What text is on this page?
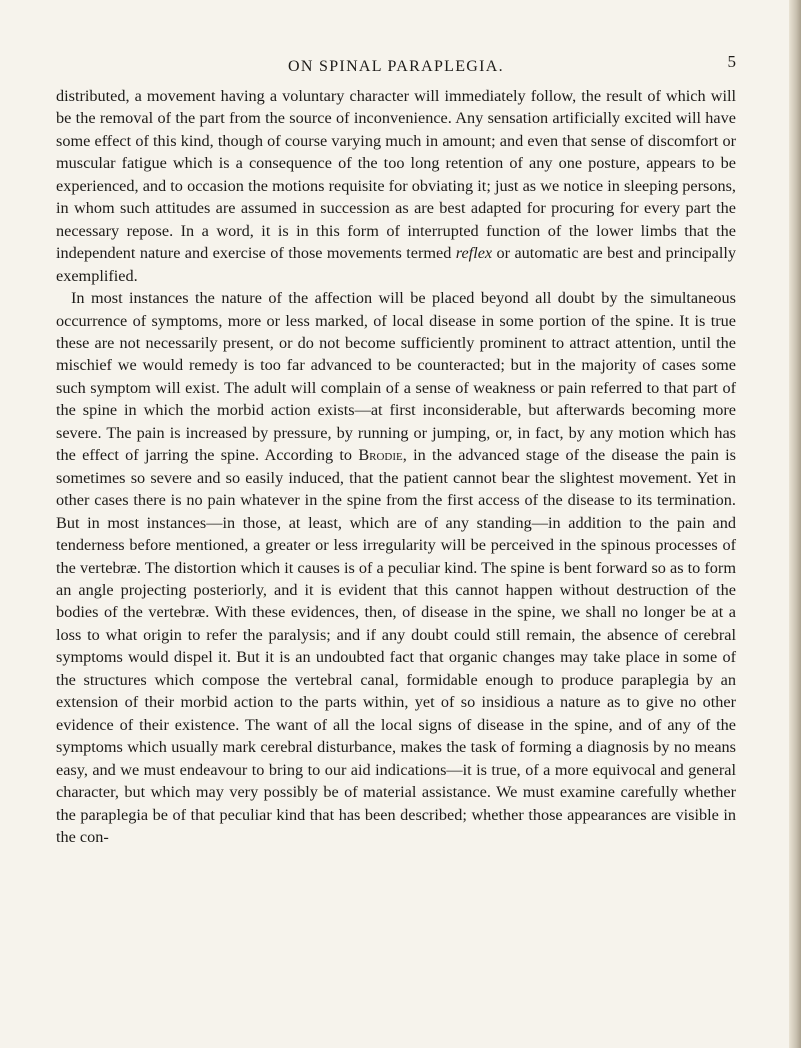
ON SPINAL PARAPLEGIA.	5

distributed, a movement having a voluntary character will immediately follow, the result of which will be the removal of the part from the source of inconvenience. Any sensation artificially excited will have some effect of this kind, though of course varying much in amount; and even that sense of discomfort or muscular fatigue which is a consequence of the too long retention of any one posture, appears to be experienced, and to occasion the motions requisite for obviating it; just as we notice in sleeping persons, in whom such attitudes are assumed in succession as are best adapted for procuring for every part the necessary repose. In a word, it is in this form of interrupted function of the lower limbs that the independent nature and exercise of those movements termed reflex or automatic are best and principally exemplified.

In most instances the nature of the affection will be placed beyond all doubt by the simultaneous occurrence of symptoms, more or less marked, of local disease in some portion of the spine. It is true these are not necessarily present, or do not become sufficiently prominent to attract attention, until the mischief we would remedy is too far advanced to be counteracted; but in the majority of cases some such symptom will exist. The adult will complain of a sense of weakness or pain referred to that part of the spine in which the morbid action exists—at first inconsiderable, but afterwards becoming more severe. The pain is increased by pressure, by running or jumping, or, in fact, by any motion which has the effect of jarring the spine. According to Brodie, in the advanced stage of the disease the pain is sometimes so severe and so easily induced, that the patient cannot bear the slightest movement. Yet in other cases there is no pain whatever in the spine from the first access of the disease to its termination. But in most instances—in those, at least, which are of any standing—in addition to the pain and tenderness before mentioned, a greater or less irregularity will be perceived in the spinous processes of the vertebræ. The distortion which it causes is of a peculiar kind. The spine is bent forward so as to form an angle projecting posteriorly, and it is evident that this cannot happen without destruction of the bodies of the vertebræ. With these evidences, then, of disease in the spine, we shall no longer be at a loss to what origin to refer the paralysis; and if any doubt could still remain, the absence of cerebral symptoms would dispel it. But it is an undoubted fact that organic changes may take place in some of the structures which compose the vertebral canal, formidable enough to produce paraplegia by an extension of their morbid action to the parts within, yet of so insidious a nature as to give no other evidence of their existence. The want of all the local signs of disease in the spine, and of any of the symptoms which usually mark cerebral disturbance, makes the task of forming a diagnosis by no means easy, and we must endeavour to bring to our aid indications—it is true, of a more equivocal and general character, but which may very possibly be of material assistance. We must examine carefully whether the paraplegia be of that peculiar kind that has been described; whether those appearances are visible in the con-
